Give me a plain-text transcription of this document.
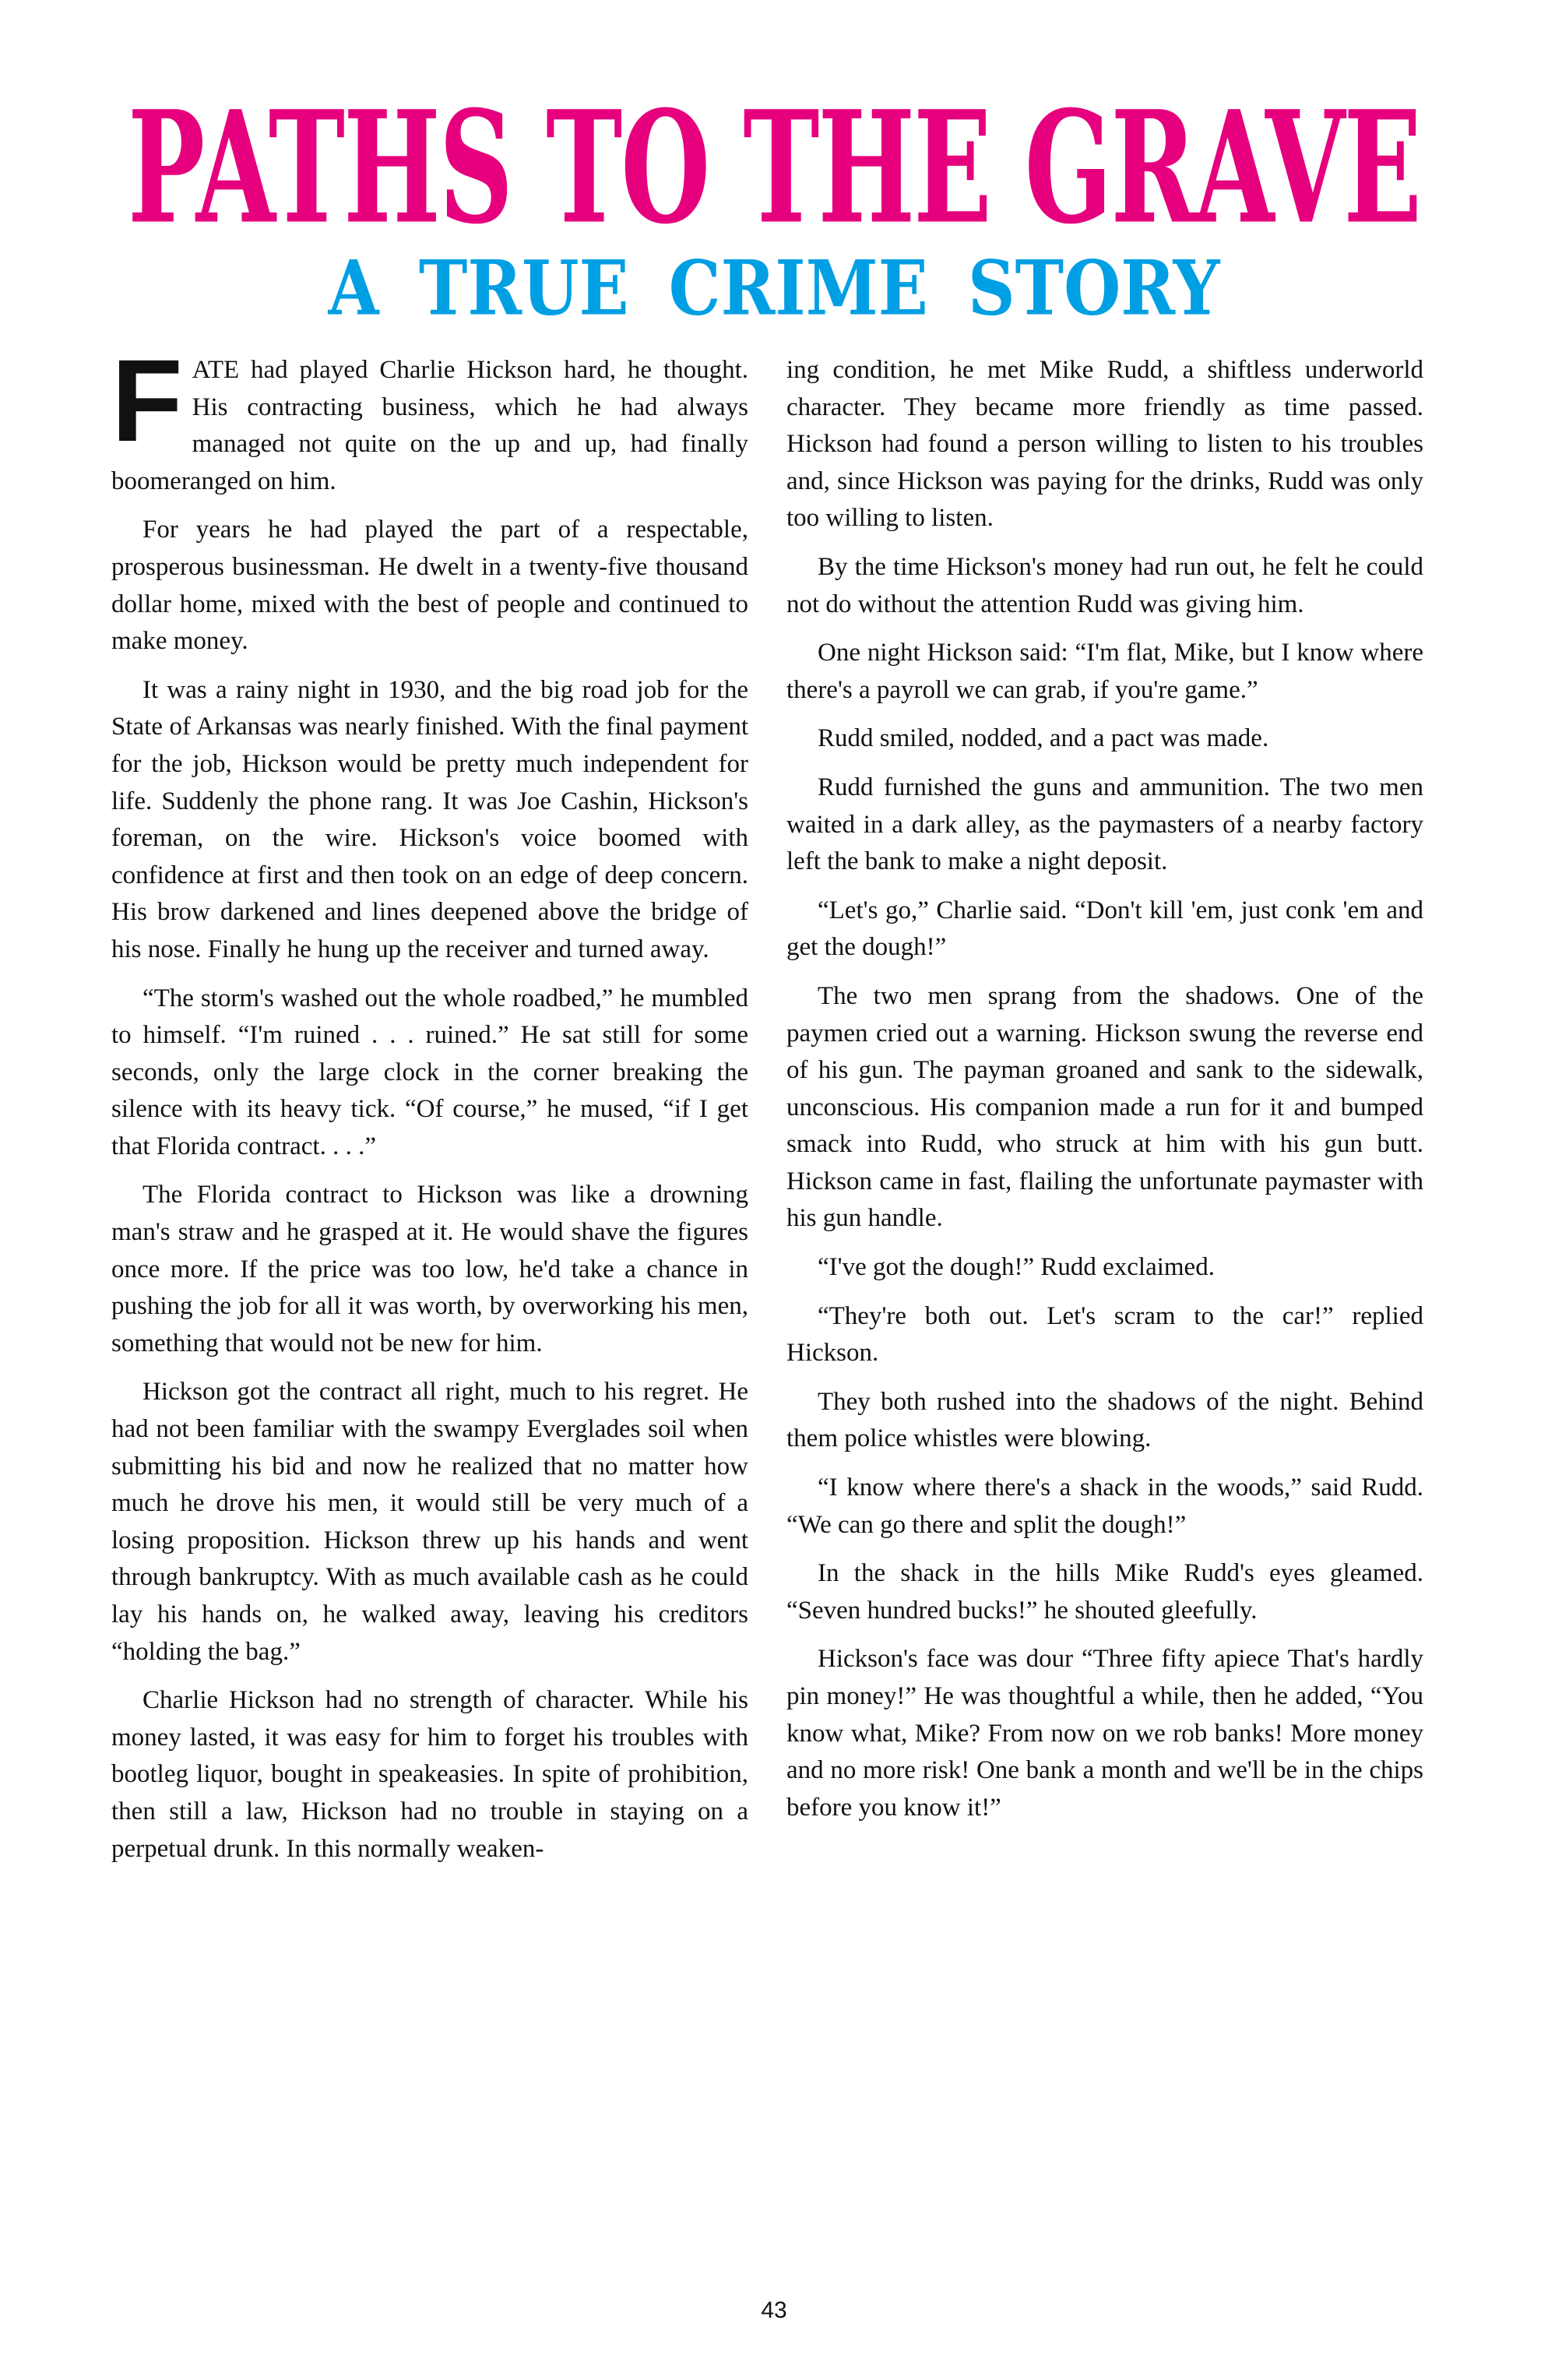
PATHS TO THE GRAVE
A TRUE CRIME STORY

FATE had played Charlie Hickson hard, he thought. His contracting business, which he had always managed not quite on the up and up, had finally boomeranged on him.

For years he had played the part of a respectable, prosperous businessman. He dwelt in a twenty-five thousand dollar home, mixed with the best of people and continued to make money.

It was a rainy night in 1930, and the big road job for the State of Arkansas was nearly finished. With the final payment for the job, Hickson would be pretty much independent for life. Suddenly the phone rang. It was Joe Cashin, Hickson's foreman, on the wire. Hickson's voice boomed with confidence at first and then took on an edge of deep concern. His brow darkened and lines deepened above the bridge of his nose. Finally he hung up the receiver and turned away.

“The storm's washed out the whole roadbed,” he mumbled to himself. “I'm ruined . . . ruined.” He sat still for some seconds, only the large clock in the corner breaking the silence with its heavy tick. “Of course,” he mused, “if I get that Florida contract. . . .”

The Florida contract to Hickson was like a drowning man's straw and he grasped at it. He would shave the figures once more. If the price was too low, he'd take a chance in pushing the job for all it was worth, by overworking his men, something that would not be new for him.

Hickson got the contract all right, much to his regret. He had not been familiar with the swampy Everglades soil when submitting his bid and now he realized that no matter how much he drove his men, it would still be very much of a losing proposition. Hickson threw up his hands and went through bankruptcy. With as much available cash as he could lay his hands on, he walked away, leaving his creditors “holding the bag.”

Charlie Hickson had no strength of character. While his money lasted, it was easy for him to forget his troubles with bootleg liquor, bought in speakeasies. In spite of prohibition, then still a law, Hickson had no trouble in staying on a perpetual drunk. In this normally weaken-

ing condition, he met Mike Rudd, a shiftless underworld character. They became more friendly as time passed. Hickson had found a person willing to listen to his troubles and, since Hickson was paying for the drinks, Rudd was only too willing to listen.

By the time Hickson's money had run out, he felt he could not do without the attention Rudd was giving him.

One night Hickson said: “I'm flat, Mike, but I know where there's a payroll we can grab, if you're game.”

Rudd smiled, nodded, and a pact was made.

Rudd furnished the guns and ammunition. The two men waited in a dark alley, as the paymasters of a nearby factory left the bank to make a night deposit.

“Let's go,” Charlie said. “Don't kill 'em, just conk 'em and get the dough!”

The two men sprang from the shadows. One of the paymen cried out a warning. Hickson swung the reverse end of his gun. The payman groaned and sank to the sidewalk, unconscious. His companion made a run for it and bumped smack into Rudd, who struck at him with his gun butt. Hickson came in fast, flailing the unfortunate paymaster with his gun handle.

“I've got the dough!” Rudd exclaimed.

“They're both out. Let's scram to the car!” replied Hickson.

They both rushed into the shadows of the night. Behind them police whistles were blowing.

“I know where there's a shack in the woods,” said Rudd. “We can go there and split the dough!”

In the shack in the hills Mike Rudd's eyes gleamed. “Seven hundred bucks!” he shouted gleefully.

Hickson's face was dour “Three fifty apiece That's hardly pin money!” He was thoughtful a while, then he added, “You know what, Mike? From now on we rob banks! More money and no more risk! One bank a month and we'll be in the chips before you know it!”

43
